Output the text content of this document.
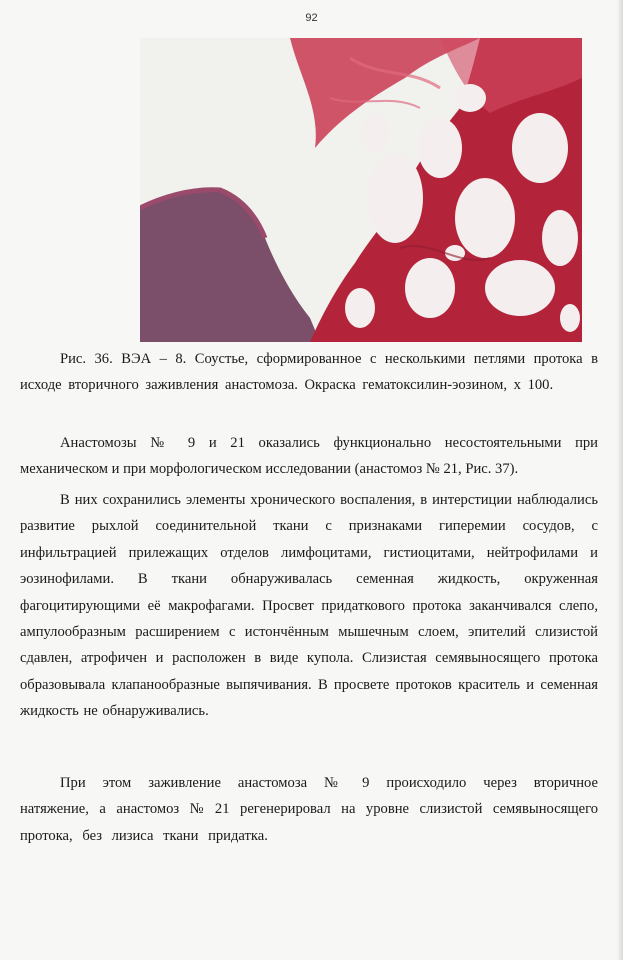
92

Рис. 36. ВЭА – 8. Соустье, сформированное с несколькими петлями протока в исходе вторичного заживления анастомоза. Окраска гематоксилин-эозином, х 100.

Анастомозы № 9 и 21 оказались функционально несостоятельными при механическом и при морфологическом исследовании (анастомоз № 21, Рис. 37).

В них сохранились элементы хронического воспаления, в интерстиции наблюдались развитие рыхлой соединительной ткани с признаками гиперемии сосудов, с инфильтрацией прилежащих отделов лимфоцитами, гистиоцитами, нейтрофилами и эозинофилами. В ткани обнаруживалась семенная жидкость, окруженная фагоцитирующими её макрофагами. Просвет придаткового протока заканчивался слепо, ампулообразным расширением с истончённым мышечным слоем, эпителий слизистой сдавлен, атрофичен и расположен в виде купола. Слизистая семявыносящего протока образовывала клапанообразные выпячивания. В просвете протоков краситель и семенная жидкость не обнаруживались.

При этом заживление анастомоза № 9 происходило через вторичное натяжение, а анастомоз № 21 регенерировал на уровне слизистой семявыносящего протока, без лизиса ткани придатка.
